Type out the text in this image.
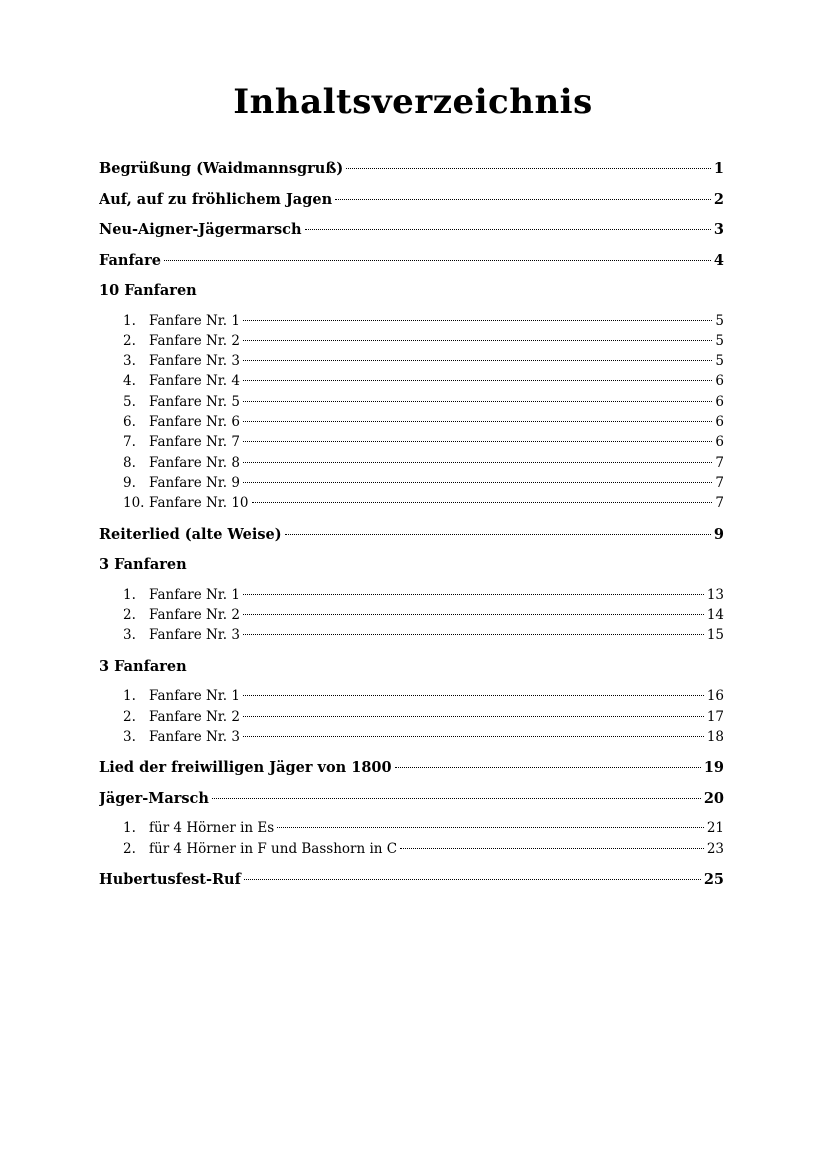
Inhaltsverzeichnis
Begrüßung (Waidmannsgruß)	1
Auf, auf zu fröhlichem Jagen	2
Neu-Aigner-Jägermarsch	3
Fanfare	4
10 Fanfaren
1. Fanfare Nr. 1	5
2. Fanfare Nr. 2	5
3. Fanfare Nr. 3	5
4. Fanfare Nr. 4	6
5. Fanfare Nr. 5	6
6. Fanfare Nr. 6	6
7. Fanfare Nr. 7	6
8. Fanfare Nr. 8	7
9. Fanfare Nr. 9	7
10. Fanfare Nr. 10	7
Reiterlied (alte Weise)	9
3 Fanfaren
1. Fanfare Nr. 1	13
2. Fanfare Nr. 2	14
3. Fanfare Nr. 3	15
3 Fanfaren
1. Fanfare Nr. 1	16
2. Fanfare Nr. 2	17
3. Fanfare Nr. 3	18
Lied der freiwilligen Jäger von 1800	19
Jäger-Marsch	20
1. für 4 Hörner in Es	21
2. für 4 Hörner in F und Basshorn in C	23
Hubertusfest-Ruf	25
